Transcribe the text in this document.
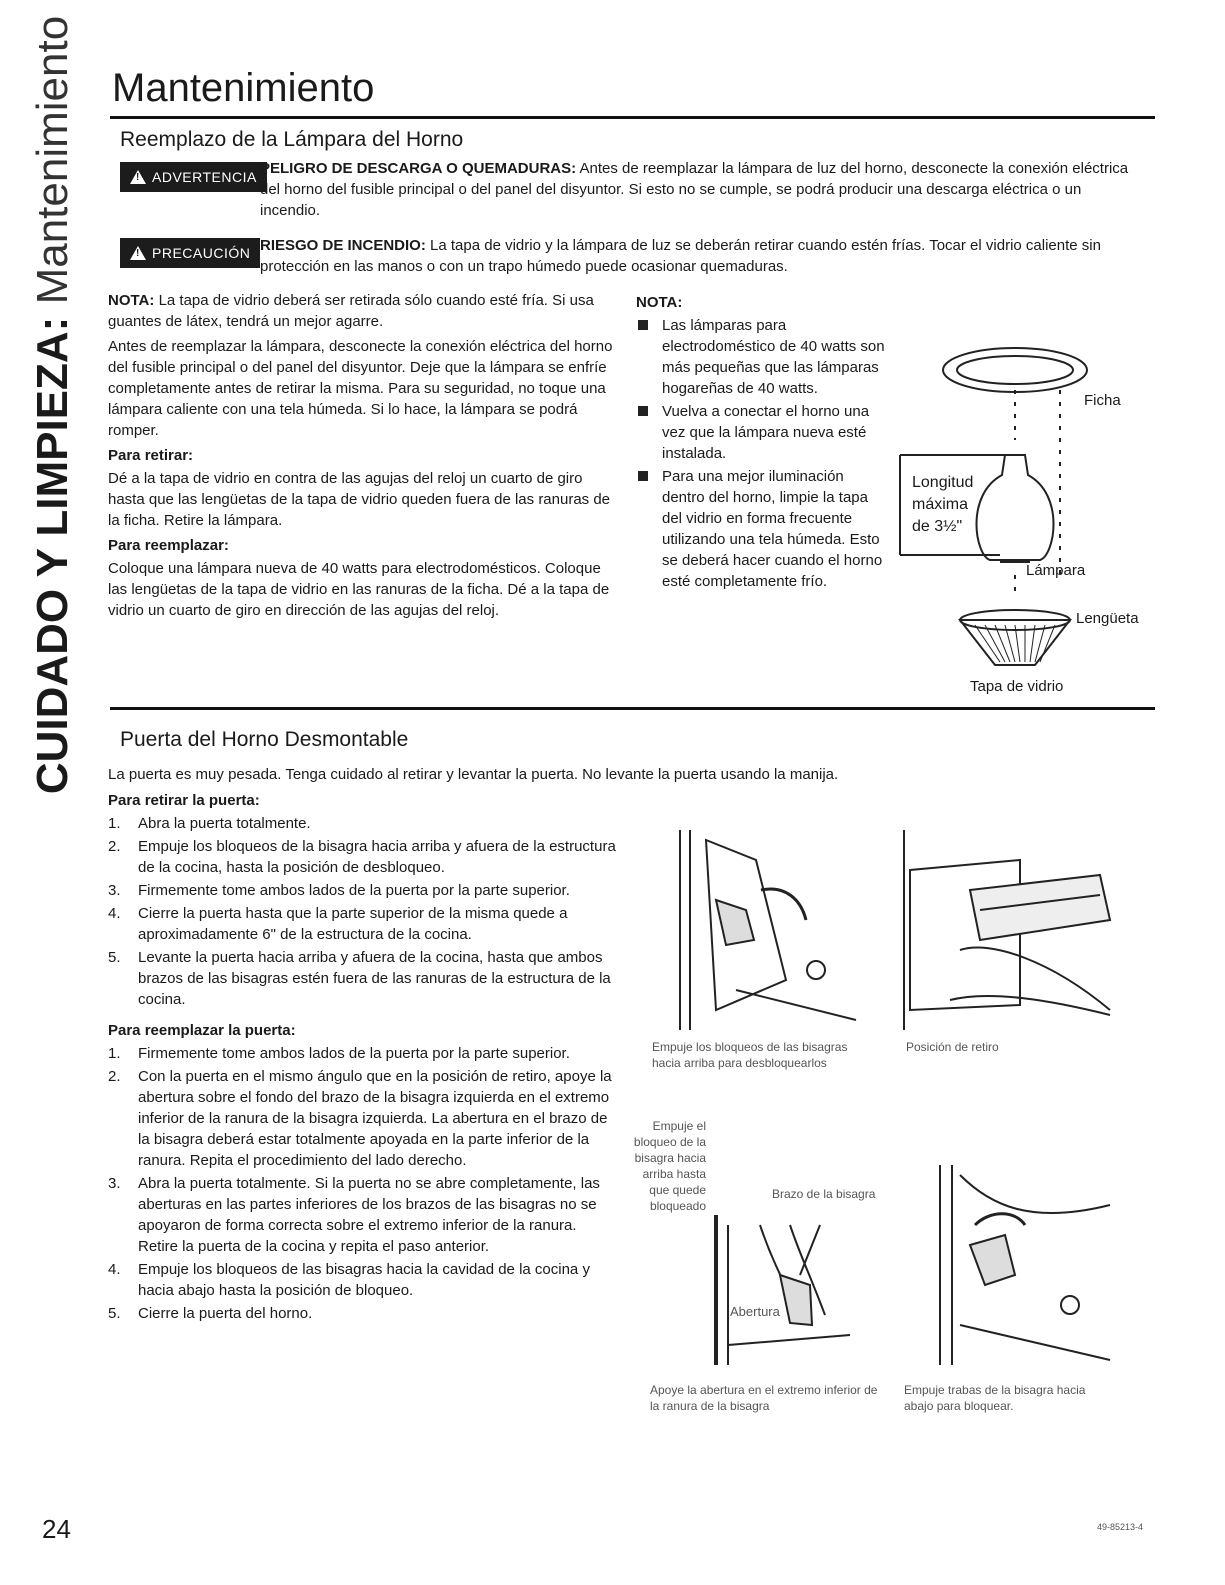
CUIDADO Y LIMPIEZA: Mantenimiento Mantenimiento
Reemplazo de la Lámpara del Horno
!
ADVERTENCIA PELIGRO DE DESCARGA O QUEMADURAS: Antes de reemplazar la lámpara de luz del horno, desconecte la conexión eléctrica del horno del fusible principal o del panel del disyuntor. Si esto no se cumple, se podrá producir una descarga eléctrica o un incendio.
!
PRECAUCIÓN RIESGO DE INCENDIO: La tapa de vidrio y la lámpara de luz se deberán retirar cuando estén frías. Tocar el vidrio caliente sin protección en las manos o con un trapo húmedo puede ocasionar quemaduras.

NOTA: La tapa de vidrio deberá ser retirada sólo cuando esté fría. Si usa guantes de látex, tendrá un mejor agarre.

Antes de reemplazar la lámpara, desconecte la conexión eléctrica del horno del fusible principal o del panel del disyuntor. Deje que la lámpara se enfríe completamente antes de retirar la misma. Para su seguridad, no toque una lámpara caliente con una tela húmeda. Si lo hace, la lámpara se podrá romper.

Para retirar:

Dé a la tapa de vidrio en contra de las agujas del reloj un cuarto de giro hasta que las lengüetas de la tapa de vidrio queden fuera de las ranuras de la ficha. Retire la lámpara.

Para reemplazar:

Coloque una lámpara nueva de 40 watts para electrodomésticos. Coloque las lengüetas de la tapa de vidrio en las ranuras de la ficha. Dé a la tapa de vidrio un cuarto de giro en dirección de las agujas del reloj.

NOTA:
Las lámparas para electrodoméstico de 40 watts son más pequeñas que las lámparas hogareñas de 40 watts.
Vuelva a conectar el horno una vez que la lámpara nueva esté instalada.
Para una mejor iluminación dentro del horno, limpie la tapa del vidrio en forma frecuente utilizando una tela húmeda. Esto se deberá hacer cuando el horno esté completamente frío.
Ficha
Longitud
máxima
de 3½"
Lámpara
Lengüeta
Tapa de vidrio
Puerta del Horno Desmontable
La puerta es muy pesada. Tenga cuidado al retirar y levantar la puerta. No levante la puerta usando la manija.
Para retirar la puerta:
1. Abra la puerta totalmente.
2. Empuje los bloqueos de la bisagra hacia arriba y afuera de la estructura de la cocina, hasta la posición de desbloqueo.
3. Firmemente tome ambos lados de la puerta por la parte superior.
4. Cierre la puerta hasta que la parte superior de la misma quede a aproximadamente 6" de la estructura de la cocina.
5. Levante la puerta hacia arriba y afuera de la cocina, hasta que ambos brazos de las bisagras estén fuera de las ranuras de la estructura de la cocina.
Para reemplazar la puerta:
1. Firmemente tome ambos lados de la puerta por la parte superior.
2. Con la puerta en el mismo ángulo que en la posición de retiro, apoye la abertura sobre el fondo del brazo de la bisagra izquierda en el extremo inferior de la ranura de la bisagra izquierda. La abertura en el brazo de la bisagra deberá estar totalmente apoyada en la parte inferior de la ranura. Repita el procedimiento del lado derecho.
3. Abra la puerta totalmente. Si la puerta no se abre completamente, las aberturas en las partes inferiores de los brazos de las bisagras no se apoyaron de forma correcta sobre el extremo inferior de la ranura. Retire la puerta de la cocina y repita el paso anterior.
4. Empuje los bloqueos de las bisagras hacia la cavidad de la cocina y hacia abajo hasta la posición de bloqueo.
5. Cierre la puerta del horno.
Empuje los bloqueos de las bisagras hacia arriba para desbloquearlos
Posición de retiro
Empuje el bloqueo de la bisagra hacia arriba hasta que quede bloqueado
Brazo de la bisagra
Abertura
Apoye la abertura en el extremo inferior de la ranura de la bisagra
Empuje trabas de la bisagra hacia abajo para bloquear.
24	49-85213-4
